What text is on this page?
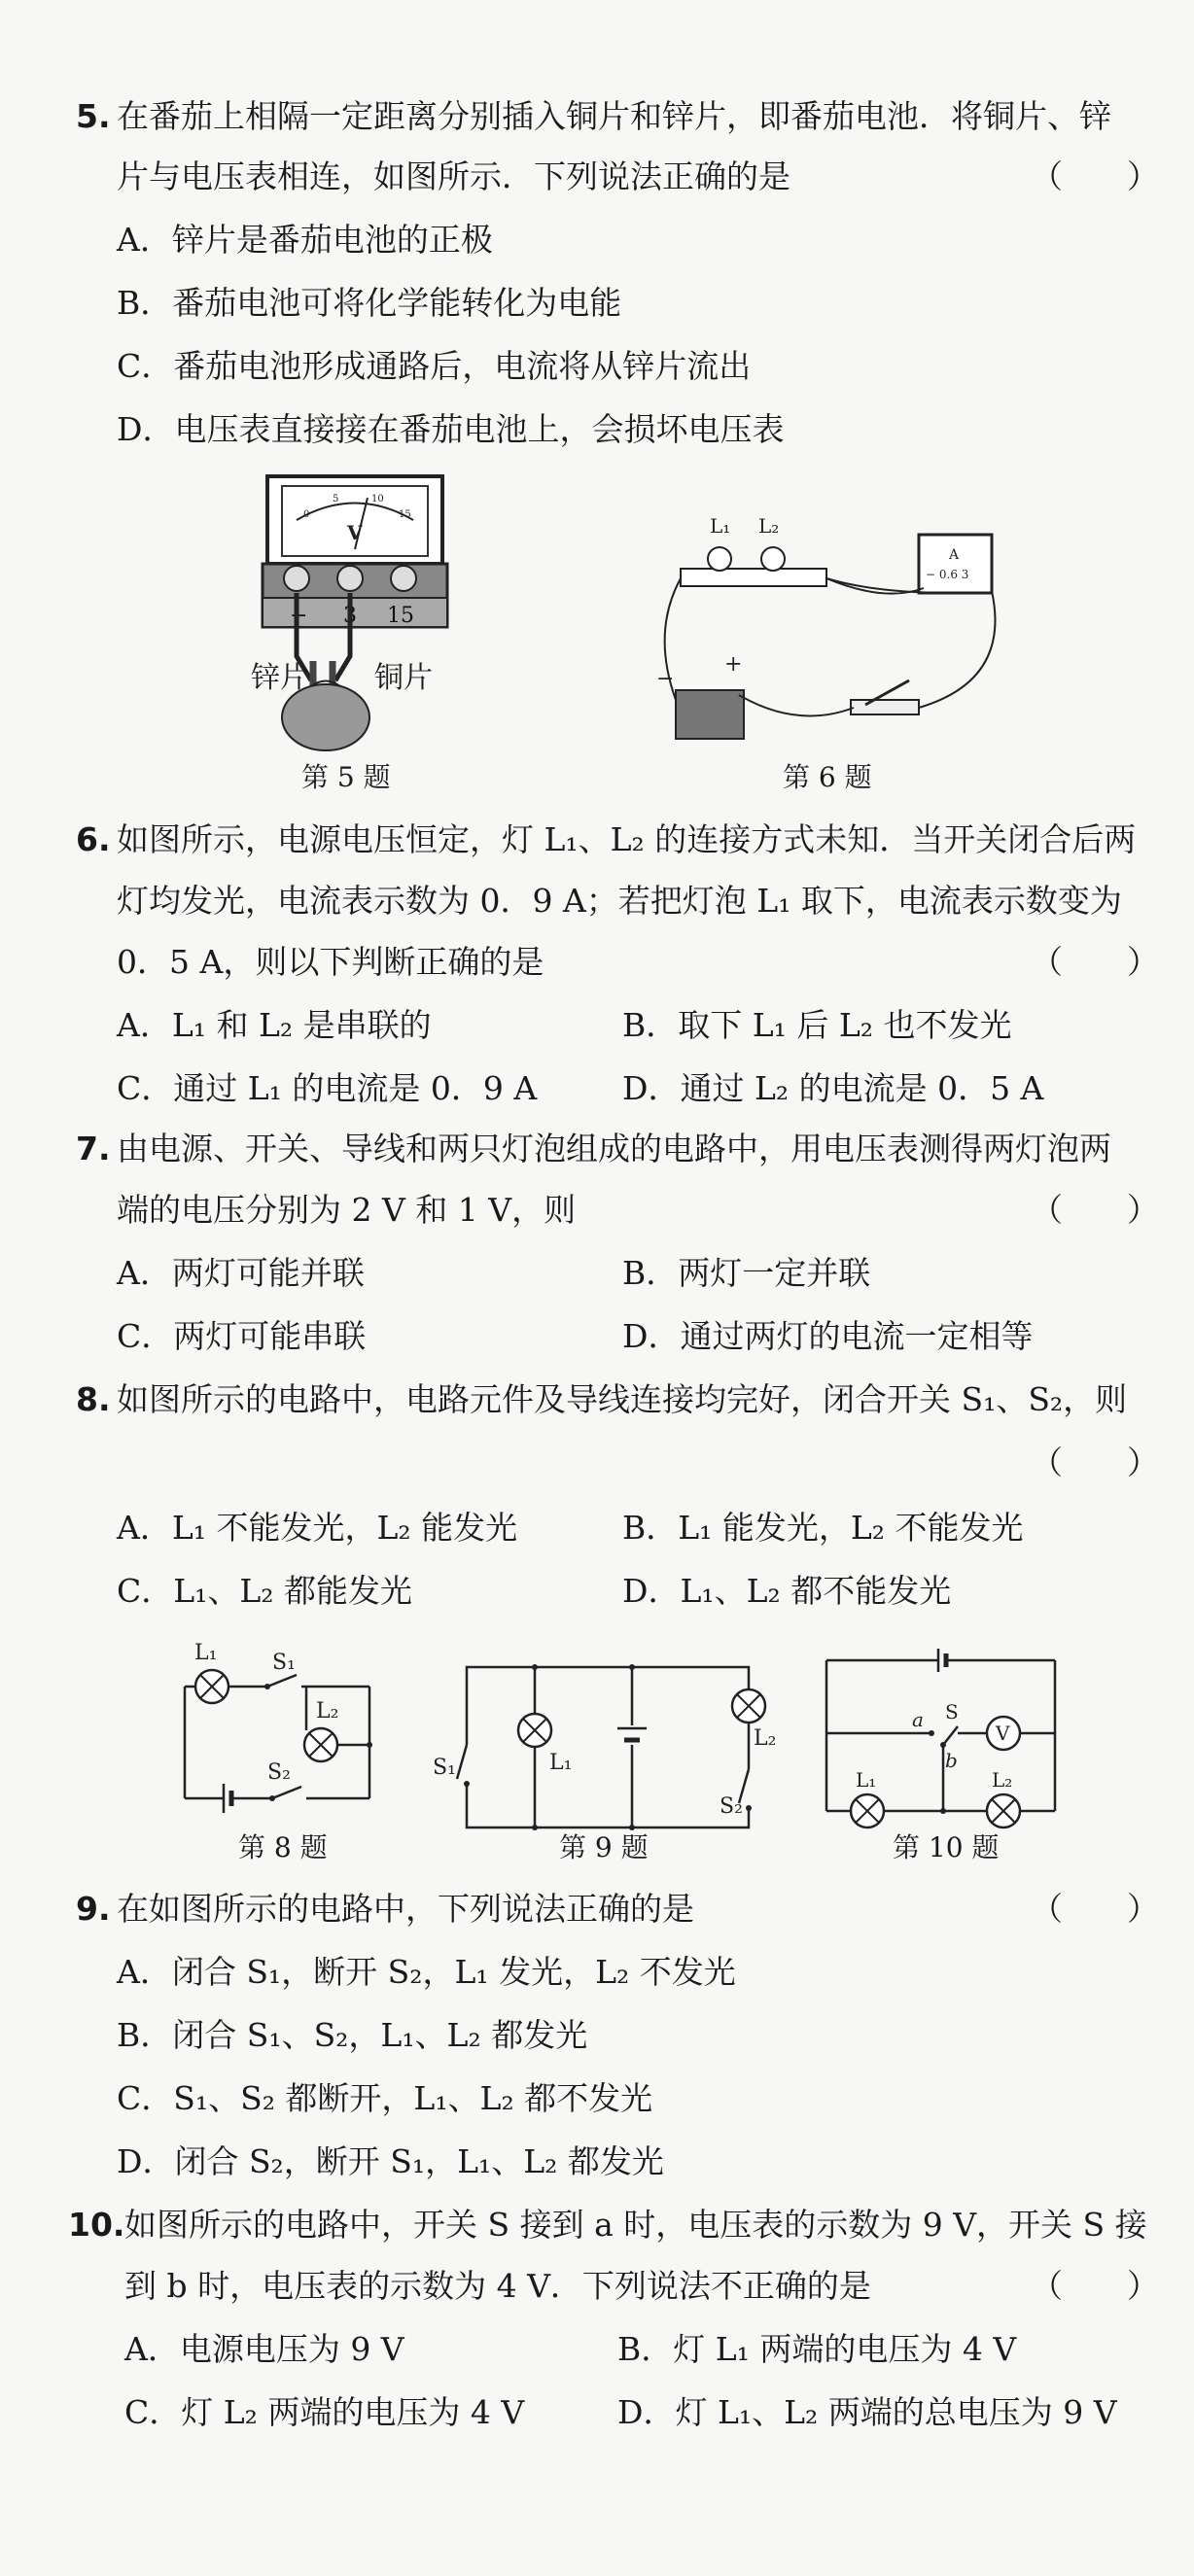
5. 在番茄上相隔一定距离分别插入铜片和锌片，即番茄电池．将铜片、锌
片与电压表相连，如图所示．下列说法正确的是	（　　）
A．锌片是番茄电池的正极
B．番茄电池可将化学能转化为电能
C．番茄电池形成通路后，电流将从锌片流出
D．电压表直接接在番茄电池上，会损坏电压表
0
5	10
15
V
− 3 15
锌片 铜片
第 5 题
L₁ L₂
A
− 0.6 3
−
+
第 6 题
6. 如图所示，电源电压恒定，灯 L₁、L₂ 的连接方式未知．当开关闭合后两
灯均发光，电流表示数为 0．9 A；若把灯泡 L₁ 取下，电流表示数变为
0．5 A，则以下判断正确的是	（　　）
A．L₁ 和 L₂ 是串联的	B．取下 L₁ 后 L₂ 也不发光
C．通过 L₁ 的电流是 0．9 A	D．通过 L₂ 的电流是 0．5 A
7. 由电源、开关、导线和两只灯泡组成的电路中，用电压表测得两灯泡两
端的电压分别为 2 V 和 1 V，则	（　　）
A．两灯可能并联	B．两灯一定并联
C．两灯可能串联	D．通过两灯的电流一定相等
8. 如图所示的电路中，电路元件及导线连接均完好，闭合开关 S₁、S₂，则
（　　）
A．L₁ 不能发光，L₂ 能发光	B．L₁ 能发光，L₂ 不能发光
C．L₁、L₂ 都能发光	D．L₁、L₂ 都不能发光
L₁	S₁
L₂
S₂
第 8 题
S₁	L₁
L₂
S₂
第 9 题
V
a S
b
L₁	L₂
第 10 题
9. 在如图所示的电路中，下列说法正确的是	（　　）
A．闭合 S₁，断开 S₂，L₁ 发光，L₂ 不发光
B．闭合 S₁、S₂，L₁、L₂ 都发光
C．S₁、S₂ 都断开，L₁、L₂ 都不发光
D．闭合 S₂，断开 S₁，L₁、L₂ 都发光
10. 如图所示的电路中，开关 S 接到 a 时，电压表的示数为 9 V，开关 S 接
到 b 时，电压表的示数为 4 V．下列说法不正确的是	（　　）
A．电源电压为 9 V	B．灯 L₁ 两端的电压为 4 V
C．灯 L₂ 两端的电压为 4 V	D．灯 L₁、L₂ 两端的总电压为 9 V
